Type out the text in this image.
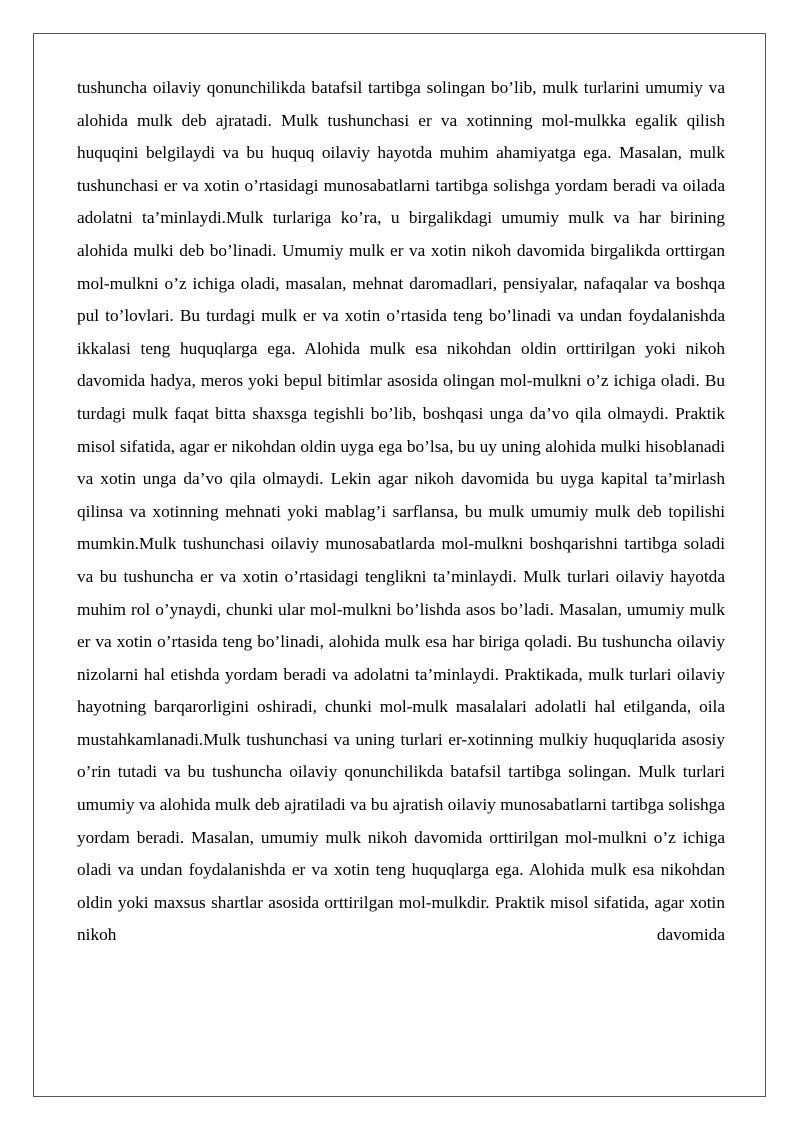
tushuncha oilaviy qonunchilikda batafsil tartibga solingan bo’lib, mulk turlarini umumiy va alohida mulk deb ajratadi. Mulk tushunchasi er va xotinning mol-mulkka egalik qilish huquqini belgilaydi va bu huquq oilaviy hayotda muhim ahamiyatga ega. Masalan, mulk tushunchasi er va xotin o’rtasidagi munosabatlarni tartibga solishga yordam beradi va oilada adolatni ta’minlaydi.Mulk turlariga ko’ra, u birgalikdagi umumiy mulk va har birining alohida mulki deb bo’linadi. Umumiy mulk er va xotin nikoh davomida birgalikda orttirgan mol-mulkni o’z ichiga oladi, masalan, mehnat daromadlari, pensiyalar, nafaqalar va boshqa pul to’lovlari. Bu turdagi mulk er va xotin o’rtasida teng bo’linadi va undan foydalanishda ikkalasi teng huquqlarga ega. Alohida mulk esa nikohdan oldin orttirilgan yoki nikoh davomida hadya, meros yoki bepul bitimlar asosida olingan mol-mulkni o’z ichiga oladi. Bu turdagi mulk faqat bitta shaxsga tegishli bo’lib, boshqasi unga da’vo qila olmaydi. Praktik misol sifatida, agar er nikohdan oldin uyga ega bo’lsa, bu uy uning alohida mulki hisoblanadi va xotin unga da’vo qila olmaydi. Lekin agar nikoh davomida bu uyga kapital ta’mirlash qilinsa va xotinning mehnati yoki mablag’i sarflansa, bu mulk umumiy mulk deb topilishi mumkin.Mulk tushunchasi oilaviy munosabatlarda mol-mulkni boshqarishni tartibga soladi va bu tushuncha er va xotin o’rtasidagi tenglikni ta’minlaydi. Mulk turlari oilaviy hayotda muhim rol o’ynaydi, chunki ular mol-mulkni bo’lishda asos bo’ladi. Masalan, umumiy mulk er va xotin o’rtasida teng bo’linadi, alohida mulk esa har biriga qoladi. Bu tushuncha oilaviy nizolarni hal etishda yordam beradi va adolatni ta’minlaydi. Praktikada, mulk turlari oilaviy hayotning barqarorligini oshiradi, chunki mol-mulk masalalari adolatli hal etilganda, oila mustahkamlanadi.Mulk tushunchasi va uning turlari er-xotinning mulkiy huquqlarida asosiy o’rin tutadi va bu tushuncha oilaviy qonunchilikda batafsil tartibga solingan. Mulk turlari umumiy va alohida mulk deb ajratiladi va bu ajratish oilaviy munosabatlarni tartibga solishga yordam beradi. Masalan, umumiy mulk nikoh davomida orttirilgan mol-mulkni o’z ichiga oladi va undan foydalanishda er va xotin teng huquqlarga ega. Alohida mulk esa nikohdan oldin yoki maxsus shartlar asosida orttirilgan mol-mulkdir. Praktik misol sifatida, agar xotin nikoh davomida
